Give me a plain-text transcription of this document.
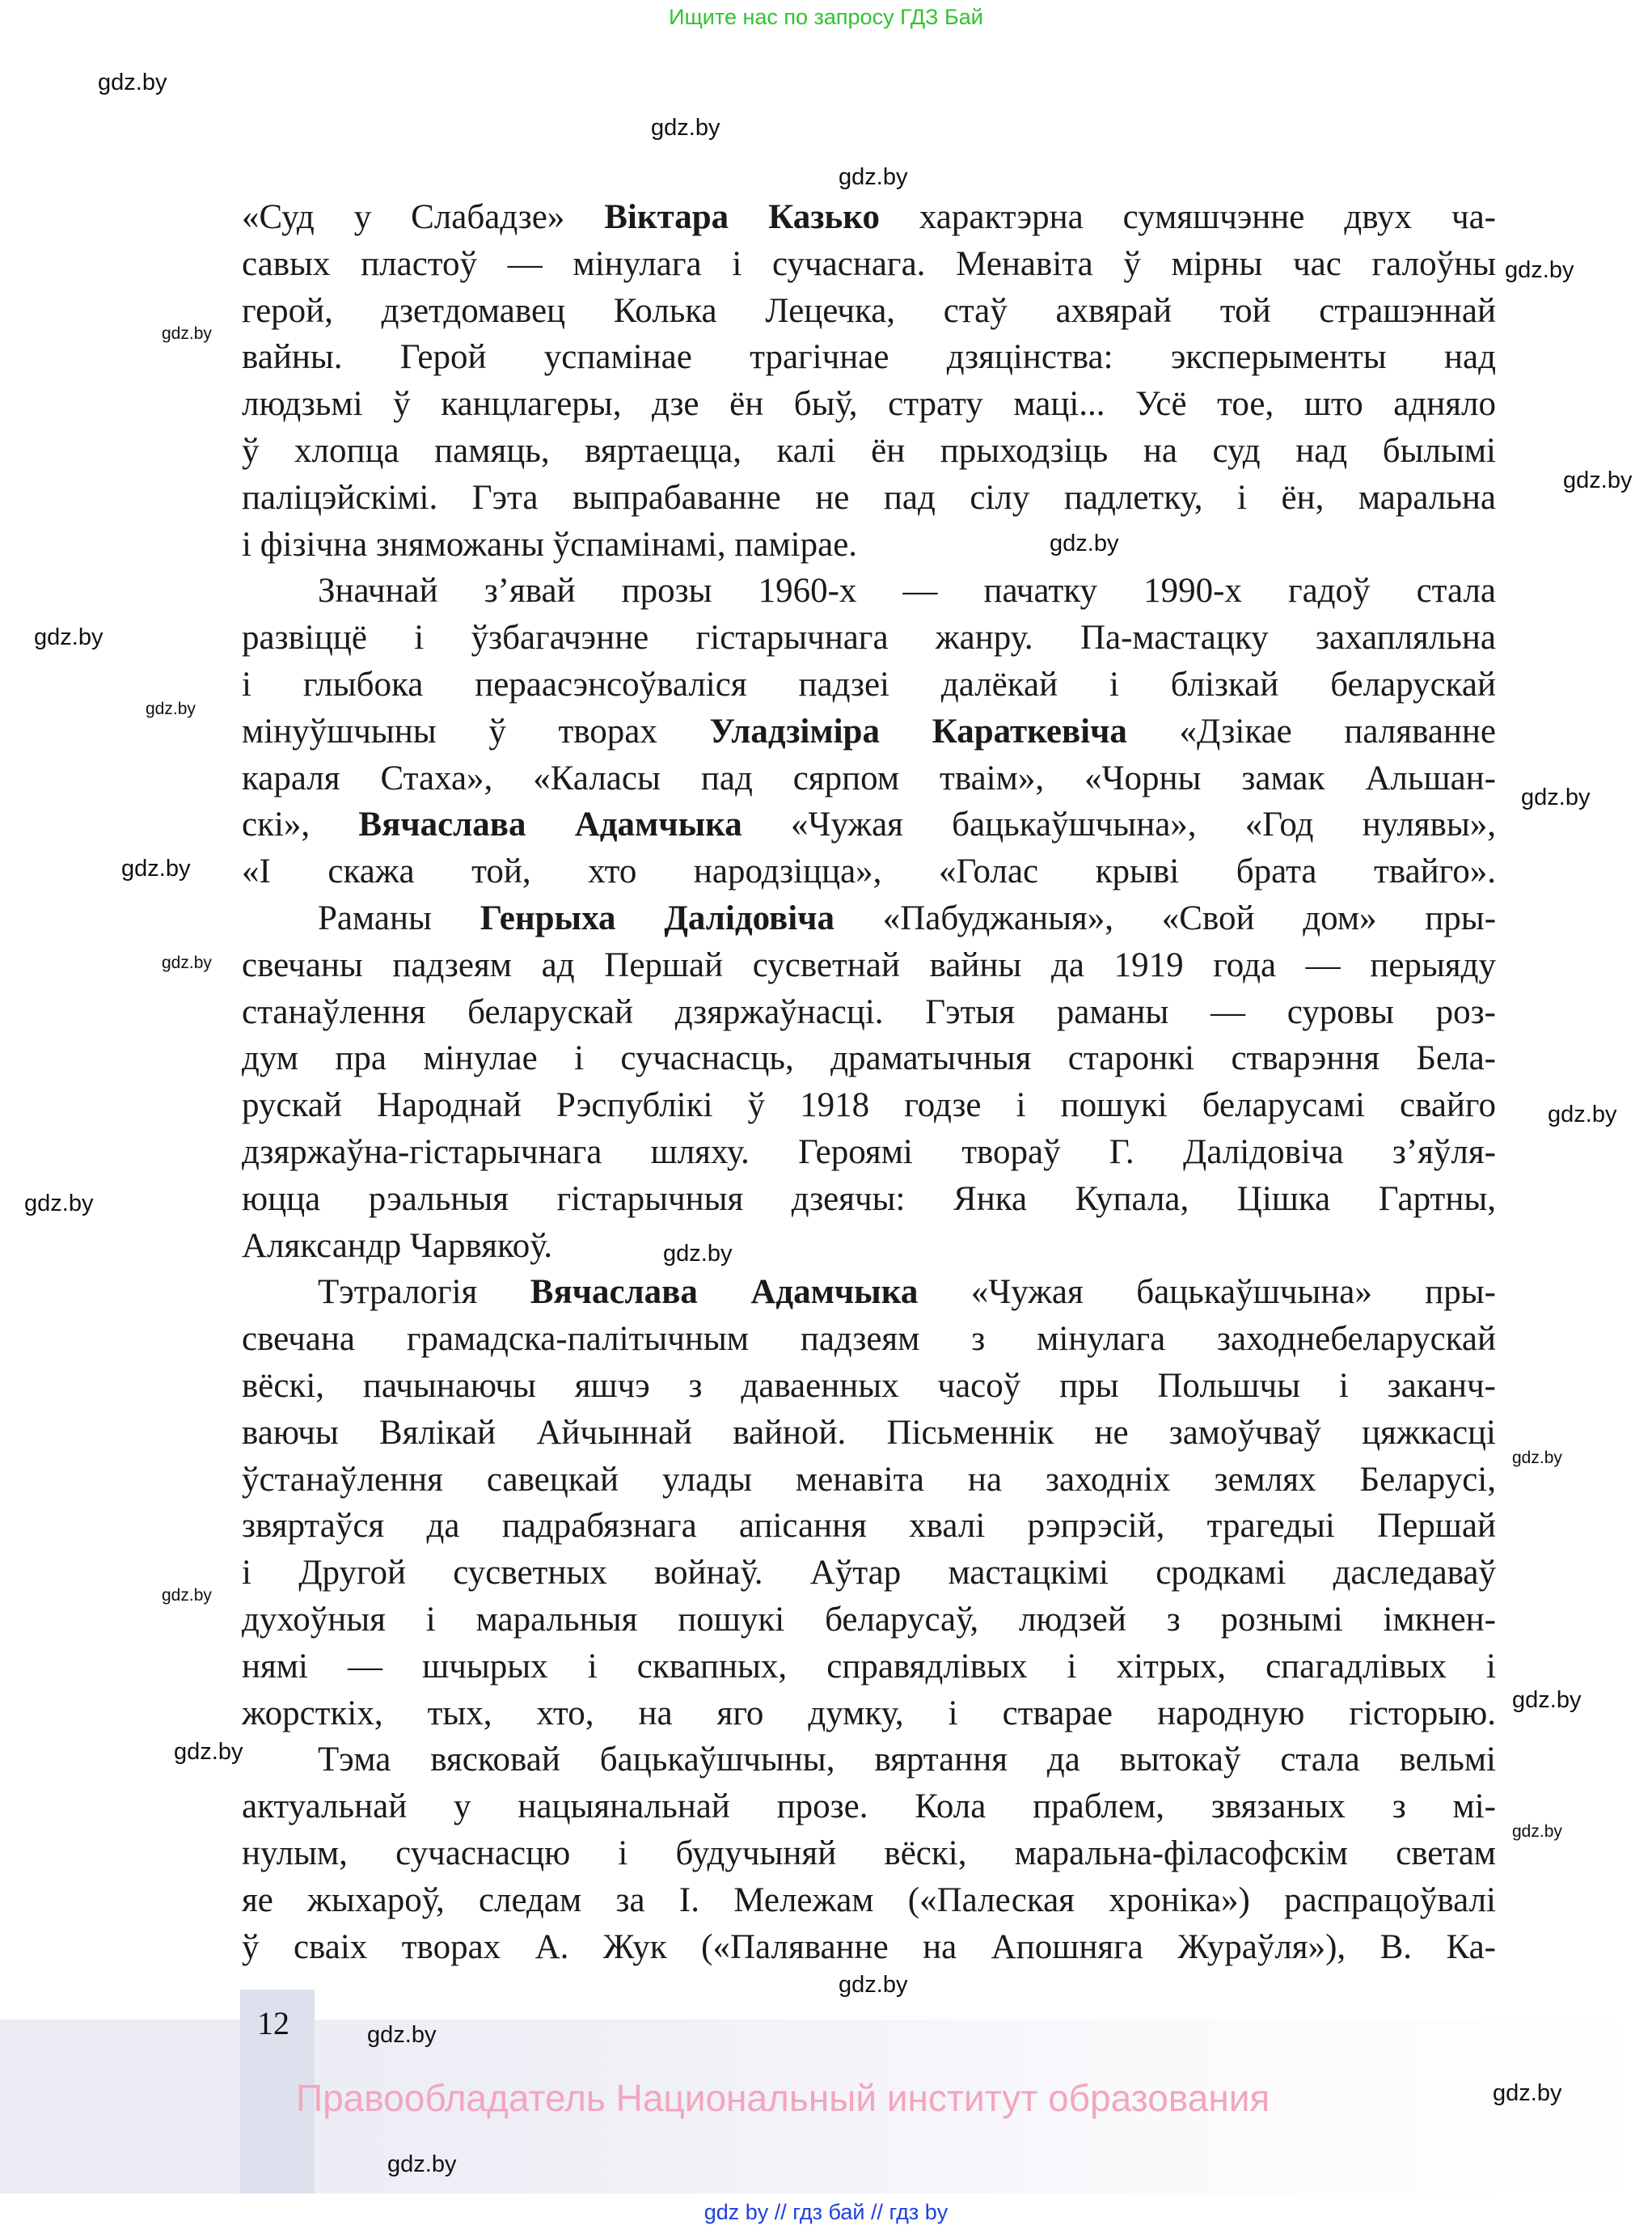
Ищите нас по запросу ГДЗ Бай
«Суд у Слабадзе» Віктара Казько характэрна сумяшчэнне двух ча-
савых пластоў — мінулага і сучаснага. Менавіта ў мірны час галоўны
герой, дзетдомавец Колька Лецечка, стаў ахвярай той страшэннай
вайны. Герой успамінае трагічнае дзяцінства: эксперыменты над
людзьмі ў канцлагеры, дзе ён быў, страту маці... Усё тое, што адняло
ў хлопца памяць, вяртаецца, калі ён прыходзіць на суд над былымі
паліцэйскімі. Гэта выпрабаванне не пад сілу падлетку, і ён, маральна
і фізічна зняможаны ўспамінамі, памірае.
Значнай з’явай прозы 1960-х — пачатку 1990-х гадоў стала
развіццё і ўзбагачэнне гістарычнага жанру. Па-мастацку захапляльна
і глыбока пераасэнсоўваліся падзеі далёкай і блізкай беларускай
мінуўшчыны ў творах Уладзіміра Караткевіча «Дзікае паляванне
караля Стаха», «Каласы пад сярпом тваім», «Чорны замак Альшан-
скі», Вячаслава Адамчыка «Чужая бацькаўшчына», «Год нулявы»,
«І скажа той, хто народзіцца», «Голас крыві брата твайго».
Раманы Генрыха Далідовіча «Пабуджаныя», «Свой дом» пры-
свечаны падзеям ад Першай сусветнай вайны да 1919 года — перыяду
станаўлення беларускай дзяржаўнасці. Гэтыя раманы — суровы роз-
дум пра мінулае і сучаснасць, драматычныя старонкі стварэння Бела-
рускай Народнай Рэспублікі ў 1918 годзе і пошукі беларусамі свайго
дзяржаўна-гістарычнага шляху. Героямі твораў Г. Далідовіча з’яўля-
юцца рэальныя гістарычныя дзеячы: Янка Купала, Цішка Гартны,
Аляксандр Чарвякоў.
Тэтралогія Вячаслава Адамчыка «Чужая бацькаўшчына» пры-
свечана грамадска-палітычным падзеям з мінулага заходнебеларускай
вёскі, пачынаючы яшчэ з даваенных часоў пры Польшчы і заканч-
ваючы Вялікай Айчыннай вайной. Пісьменнік не замоўчваў цяжкасці
ўстанаўлення савецкай улады менавіта на заходніх землях Беларусі,
звяртаўся да падрабязнага апісання хвалі рэпрэсій, трагедыі Першай
і Другой сусветных войнаў. Аўтар мастацкімі сродкамі даследаваў
духоўныя і маральныя пошукі беларусаў, людзей з рознымі імкнен-
нямі — шчырых і сквапных, справядлівых і хітрых, спагадлівых і
жорсткіх, тых, хто, на яго думку, і стварае народную гісторыю.
Тэма вясковай бацькаўшчыны, вяртання да вытокаў стала вельмі
актуальнай у нацыянальнай прозе. Кола праблем, звязаных з мі-
нулым, сучаснасцю і будучыняй вёскі, маральна-філасофскім светам
яе жыхароў, следам за І. Мележам («Палеская хроніка») распрацоўвалі
ў сваіх творах А. Жук («Паляванне на Апошняга Жураўля»), В. Ка-
12
Правообладатель Национальный институт образования
gdz by // гдз бай // гдз by
gdz.by
gdz.by
gdz.by
gdz.by
gdz.by
gdz.by
gdz.by
gdz.by
gdz.by
gdz.by
gdz.by
gdz.by
gdz.by
gdz.by
gdz.by
gdz.by
gdz.by
gdz.by
gdz.by
gdz.by
gdz.by
gdz.by
gdz.by
gdz.by
